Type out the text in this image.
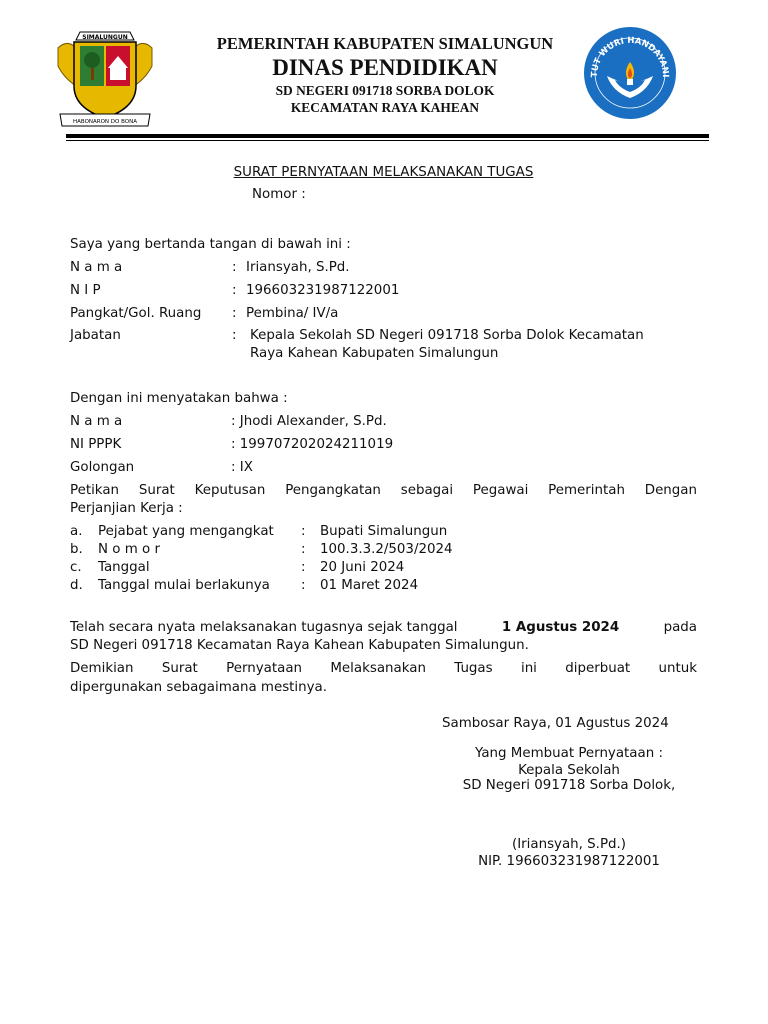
SIMALUNGUN
HABONARON DO BONA
PEMERINTAH KABUPATEN SIMALUNGUN
DINAS PENDIDIKAN
SD NEGERI 091718 SORBA DOLOK
KECAMATAN RAYA KAHEAN
TUT WURI HANDAYANI
SURAT PERNYATAAN MELAKSANAKAN TUGAS
Nomor :
Saya yang bertanda tangan di bawah ini :
N a m a	: Iriansyah, S.Pd.
N I P	: 196603231987122001
Pangkat/Gol. Ruang : Pembina/ IV/a
Jabatan	: Kepala Sekolah SD Negeri 091718 Sorba Dolok Kecamatan
Raya Kahean Kabupaten Simalungun
Dengan ini menyatakan bahwa :
N a m a	: Jhodi Alexander, S.Pd.
NI PPPK	: 199707202024211019
Golongan	: IX
Petikan Surat Keputusan Pengangkatan sebagai Pegawai Pemerintah Dengan
Perjanjian Kerja :
a. Pejabat yang mengangkat : Bupati Simalungun
b. N o m o r	: 100.3.3.2/503/2024
c. Tanggal	: 20 Juni 2024
d. Tanggal mulai berlakunya : 01 Maret 2024
Telah secara nyata melaksanakan tugasnya sejak tanggal	1 Agustus 2024	pada
SD Negeri 091718 Kecamatan Raya Kahean Kabupaten Simalungun.
Demikian Surat Pernyataan Melaksanakan Tugas ini diperbuat untuk
dipergunakan sebagaimana mestinya.
Sambosar Raya, 01 Agustus 2024
Yang Membuat Pernyataan :
Kepala Sekolah
SD Negeri 091718 Sorba Dolok,
(Iriansyah, S.Pd.)
NIP. 196603231987122001
